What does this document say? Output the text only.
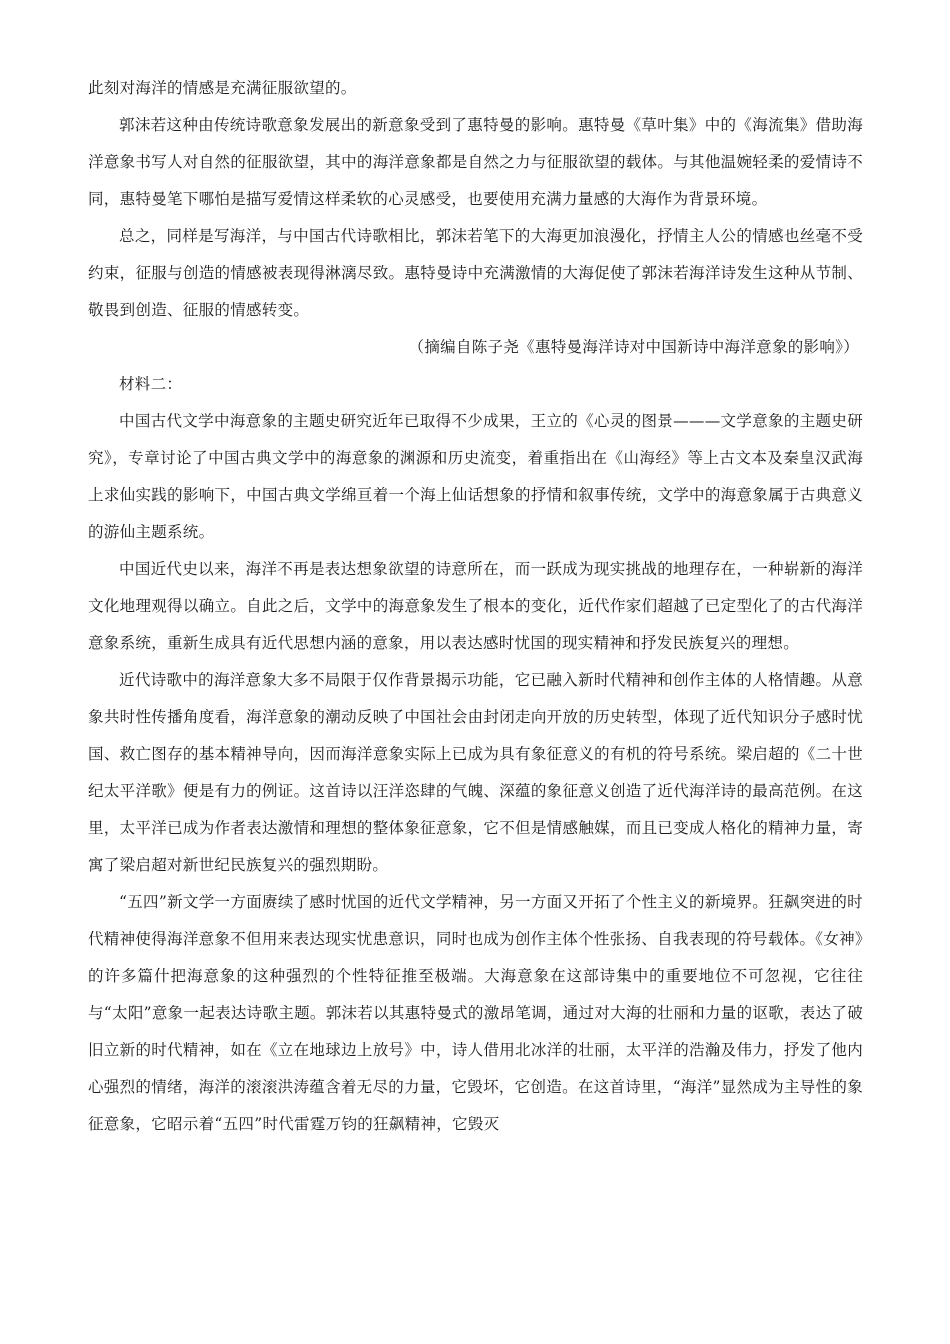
此刻对海洋的情感是充满征服欲望的。

郭沫若这种由传统诗歌意象发展出的新意象受到了惠特曼的影响。惠特曼《草叶集》中的《海流集》借助海洋意象书写人对自然的征服欲望，其中的海洋意象都是自然之力与征服欲望的载体。与其他温婉轻柔的爱情诗不同，惠特曼笔下哪怕是描写爱情这样柔软的心灵感受，也要使用充满力量感的大海作为背景环境。

总之，同样是写海洋，与中国古代诗歌相比，郭沫若笔下的大海更加浪漫化，抒情主人公的情感也丝毫不受约束，征服与创造的情感被表现得淋漓尽致。惠特曼诗中充满激情的大海促使了郭沫若海洋诗发生这种从节制、敬畏到创造、征服的情感转变。

（摘编自陈子尧《惠特曼海洋诗对中国新诗中海洋意象的影响》）

材料二：

中国古代文学中海意象的主题史研究近年已取得不少成果，王立的《心灵的图景———文学意象的主题史研究》，专章讨论了中国古典文学中的海意象的渊源和历史流变，着重指出在《山海经》等上古文本及秦皇汉武海上求仙实践的影响下，中国古典文学绵亘着一个海上仙话想象的抒情和叙事传统，文学中的海意象属于古典意义的游仙主题系统。

中国近代史以来，海洋不再是表达想象欲望的诗意所在，而一跃成为现实挑战的地理存在，一种崭新的海洋文化地理观得以确立。自此之后，文学中的海意象发生了根本的变化，近代作家们超越了已定型化了的古代海洋意象系统，重新生成具有近代思想内涵的意象，用以表达感时忧国的现实精神和抒发民族复兴的理想。

近代诗歌中的海洋意象大多不局限于仅作背景揭示功能，它已融入新时代精神和创作主体的人格情趣。从意象共时性传播角度看，海洋意象的潮动反映了中国社会由封闭走向开放的历史转型，体现了近代知识分子感时忧国、救亡图存的基本精神导向，因而海洋意象实际上已成为具有象征意义的有机的符号系统。梁启超的《二十世纪太平洋歌》便是有力的例证。这首诗以汪洋恣肆的气魄、深蕴的象征意义创造了近代海洋诗的最高范例。在这里，太平洋已成为作者表达激情和理想的整体象征意象，它不但是情感触媒，而且已变成人格化的精神力量，寄寓了梁启超对新世纪民族复兴的强烈期盼。

“五四”新文学一方面赓续了感时忧国的近代文学精神，另一方面又开拓了个性主义的新境界。狂飙突进的时代精神使得海洋意象不但用来表达现实忧患意识，同时也成为创作主体个性张扬、自我表现的符号载体。《女神》的许多篇什把海意象的这种强烈的个性特征推至极端。大海意象在这部诗集中的重要地位不可忽视，它往往与“太阳”意象一起表达诗歌主题。郭沫若以其惠特曼式的激昂笔调，通过对大海的壮丽和力量的讴歌，表达了破旧立新的时代精神，如在《立在地球边上放号》中，诗人借用北冰洋的壮丽，太平洋的浩瀚及伟力，抒发了他内心强烈的情绪，海洋的滚滚洪涛蕴含着无尽的力量，它毁坏，它创造。在这首诗里，“海洋”显然成为主导性的象征意象，它昭示着“五四”时代雷霆万钧的狂飙精神，它毁灭
